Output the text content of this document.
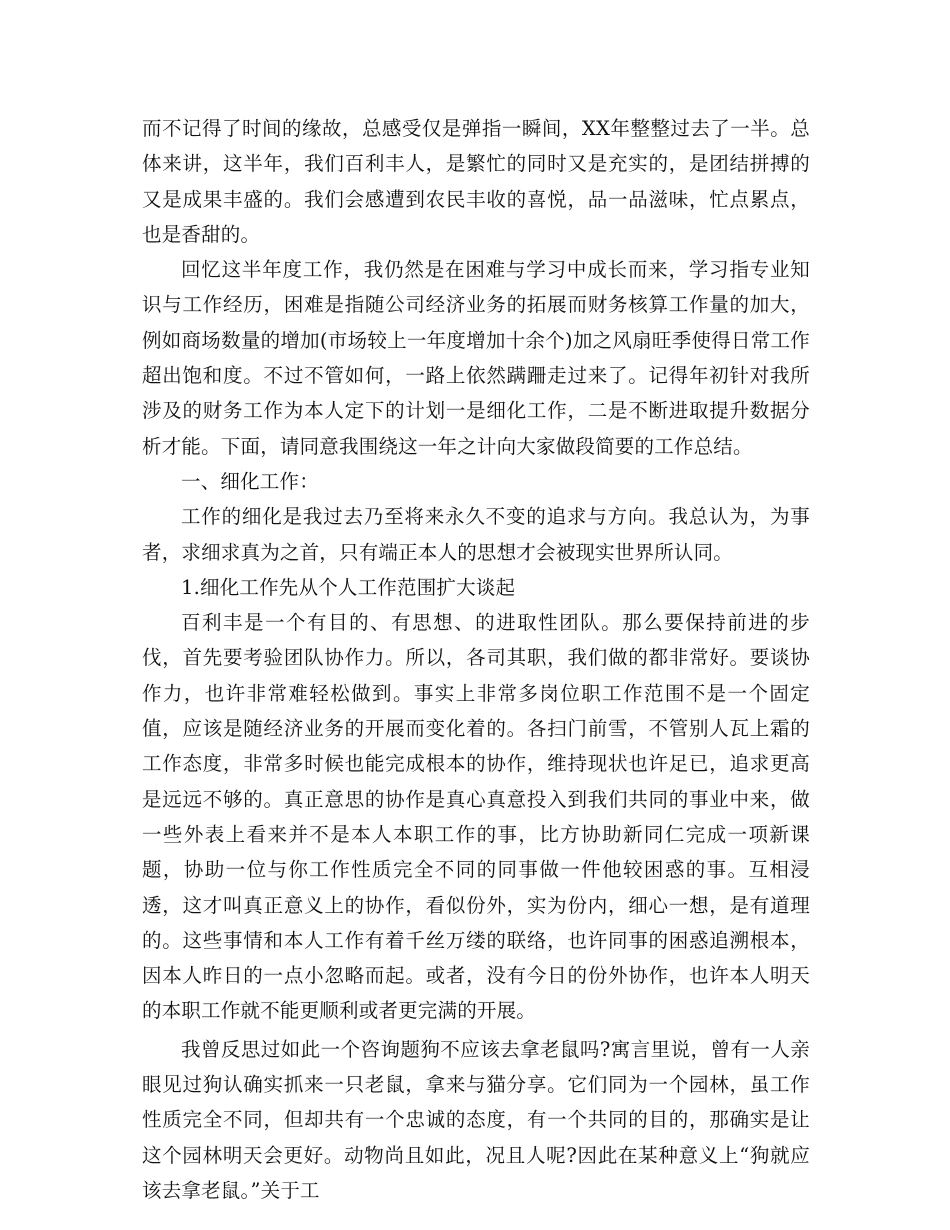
而不记得了时间的缘故，总感受仅是弹指一瞬间，XX年整整过去了一半。总体来讲，这半年，我们百利丰人，是繁忙的同时又是充实的，是团结拼搏的又是成果丰盛的。我们会感遭到农民丰收的喜悦，品一品滋味，忙点累点，也是香甜的。

回忆这半年度工作，我仍然是在困难与学习中成长而来，学习指专业知识与工作经历，困难是指随公司经济业务的拓展而财务核算工作量的加大，例如商场数量的增加(市场较上一年度增加十余个)加之风扇旺季使得日常工作超出饱和度。不过不管如何，一路上依然蹒跚走过来了。记得年初针对我所涉及的财务工作为本人定下的计划一是细化工作，二是不断进取提升数据分析才能。下面，请同意我围绕这一年之计向大家做段简要的工作总结。

一、细化工作：

工作的细化是我过去乃至将来永久不变的追求与方向。我总认为，为事者，求细求真为之首，只有端正本人的思想才会被现实世界所认同。

1.细化工作先从个人工作范围扩大谈起

百利丰是一个有目的、有思想、的进取性团队。那么要保持前进的步伐，首先要考验团队协作力。所以，各司其职，我们做的都非常好。要谈协作力，也许非常难轻松做到。事实上非常多岗位职工作范围不是一个固定值，应该是随经济业务的开展而变化着的。各扫门前雪，不管别人瓦上霜的工作态度，非常多时候也能完成根本的协作，维持现状也许足已，追求更高是远远不够的。真正意思的协作是真心真意投入到我们共同的事业中来，做一些外表上看来并不是本人本职工作的事，比方协助新同仁完成一项新课题，协助一位与你工作性质完全不同的同事做一件他较困惑的事。互相浸透，这才叫真正意义上的协作，看似份外，实为份内，细心一想，是有道理的。这些事情和本人工作有着千丝万缕的联络，也许同事的困惑追溯根本，因本人昨日的一点小忽略而起。或者，没有今日的份外协作，也许本人明天的本职工作就不能更顺利或者更完满的开展。

我曾反思过如此一个咨询题狗不应该去拿老鼠吗?寓言里说，曾有一人亲眼见过狗认确实抓来一只老鼠，拿来与猫分享。它们同为一个园林，虽工作性质完全不同，但却共有一个忠诚的态度，有一个共同的目的，那确实是让这个园林明天会更好。动物尚且如此，况且人呢?因此在某种意义上“狗就应该去拿老鼠。”关于工
